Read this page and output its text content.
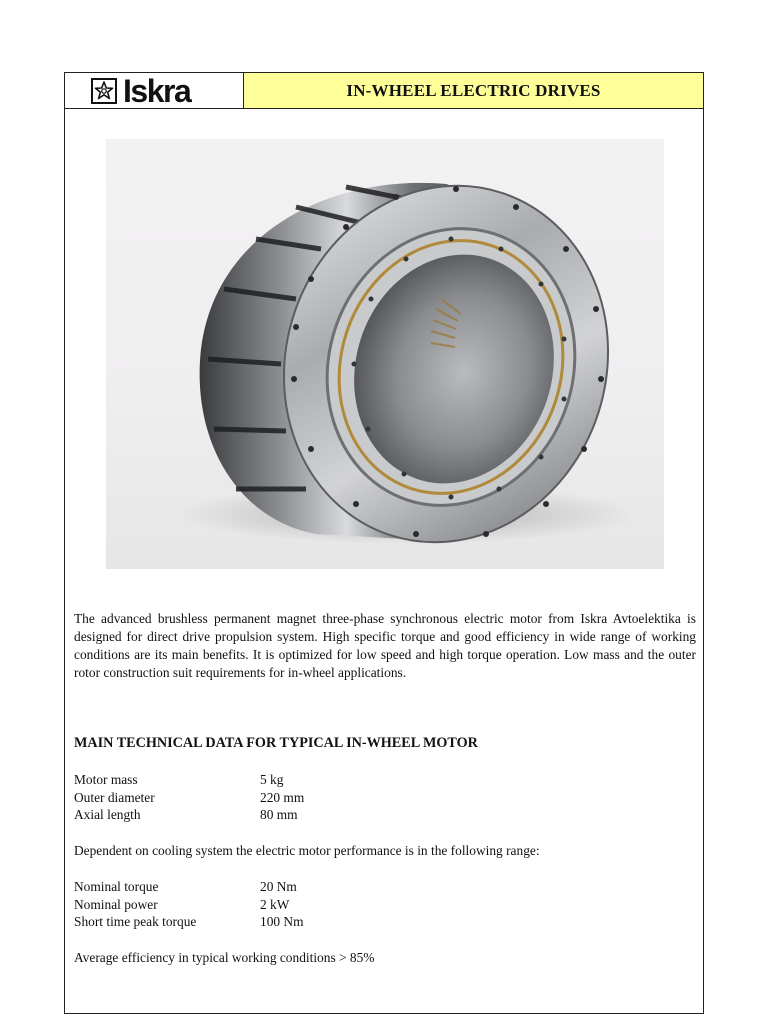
Iskra	IN-WHEEL ELECTRIC DRIVES
The advanced brushless permanent magnet three-phase synchronous electric motor from Iskra Avtoelektika is designed for direct drive propulsion system. High specific torque and good efficiency in wide range of working conditions are its main benefits. It is optimized for low speed and high torque operation. Low mass and the outer rotor construction suit requirements for in-wheel applications.
MAIN TECHNICAL DATA FOR TYPICAL IN-WHEEL MOTOR
Motor mass	5 kg
Outer diameter	220 mm
Axial length	80 mm
Dependent on cooling system the electric motor performance is in the following range:
Nominal torque	20 Nm
Nominal power	2 kW
Short time peak torque	100 Nm
Average efficiency in typical working conditions > 85%
